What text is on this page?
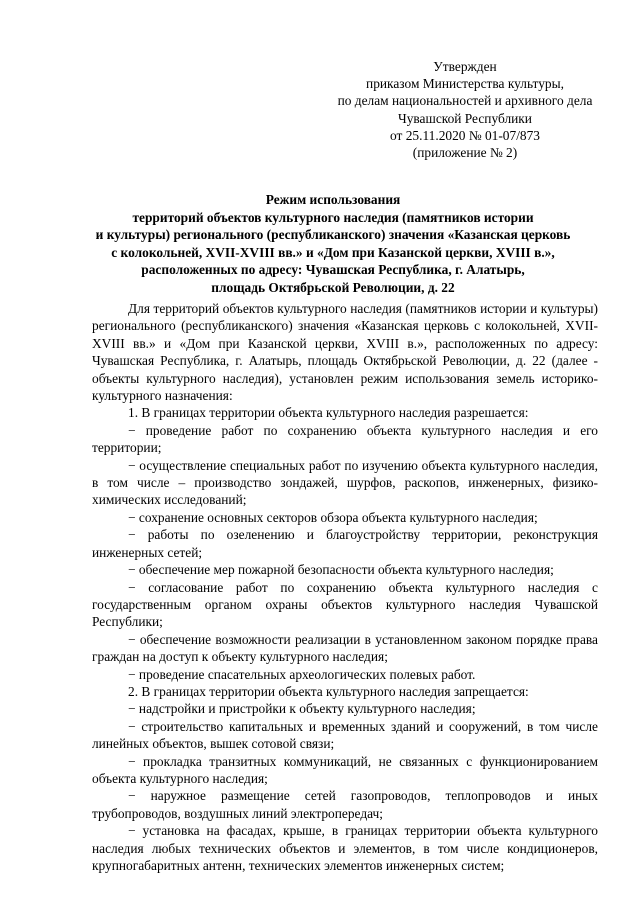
Утвержден
приказом Министерства культуры,
по делам национальностей и архивного дела
Чувашской Республики
от 25.11.2020 № 01-07/873
(приложение № 2)
Режим использования
территорий объектов культурного наследия (памятников истории
и культуры) регионального (республиканского) значения «Казанская церковь
с колокольней, XVII-XVIII вв.» и «Дом при Казанской церкви, XVIII в.»,
расположенных по адресу: Чувашская Республика, г. Алатырь,
площадь Октябрьской Революции, д. 22

Для территорий объектов культурного наследия (памятников истории и культуры) регионального (республиканского) значения «Казанская церковь с колокольней, XVII-XVIII вв.» и «Дом при Казанской церкви, XVIII в.», расположенных по адресу: Чувашская Республика, г. Алатырь, площадь Октябрьской Революции, д. 22 (далее - объекты культурного наследия), установлен режим использования земель историко-культурного назначения:

1. В границах территории объекта культурного наследия разрешается:

− проведение работ по сохранению объекта культурного наследия и его территории;

− осуществление специальных работ по изучению объекта культурного наследия, в том числе – производство зондажей, шурфов, раскопов, инженерных, физико-химических исследований;

− сохранение основных секторов обзора объекта культурного наследия;

− работы по озеленению и благоустройству территории, реконструкция инженерных сетей;

− обеспечение мер пожарной безопасности объекта культурного наследия;

− согласование работ по сохранению объекта культурного наследия с государственным органом охраны объектов культурного наследия Чувашской Республики;

− обеспечение возможности реализации в установленном законом порядке права граждан на доступ к объекту культурного наследия;

− проведение спасательных археологических полевых работ.

2. В границах территории объекта культурного наследия запрещается:

− надстройки и пристройки к объекту культурного наследия;

− строительство капитальных и временных зданий и сооружений, в том числе линейных объектов, вышек сотовой связи;

− прокладка транзитных коммуникаций, не связанных с функционированием объекта культурного наследия;

− наружное размещение сетей газопроводов, теплопроводов и иных трубопроводов, воздушных линий электропередач;

− установка на фасадах, крыше, в границах территории объекта культурного наследия любых технических объектов и элементов, в том числе кондиционеров, крупногабаритных антенн, технических элементов инженерных систем;
